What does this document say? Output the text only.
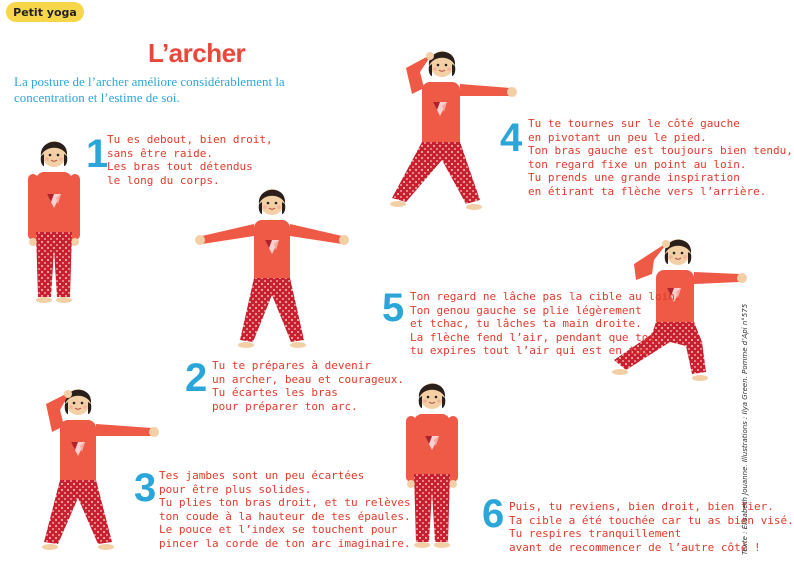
Petit yoga
L’archer
La posture de l’archer améliore considérablement la concentration et l’estime de soi.
1
2
3
4
5
6
Tu es debout, bien droit,
sans être raide.
Les bras tout détendus
le long du corps.
Tu te prépares à devenir
un archer, beau et courageux.
Tu écartes les bras
pour préparer ton arc.
Tes jambes sont un peu écartées
pour être plus solides.
Tu plies ton bras droit, et tu relèves
ton coude à la hauteur de tes épaules.
Le pouce et l’index se touchent pour
pincer la corde de ton arc imaginaire.
Tu te tournes sur le côté gauche
en pivotant un peu le pied.
Ton bras gauche est toujours bien tendu,
ton regard fixe un point au loin.
Tu prends une grande inspiration
en étirant ta flèche vers l’arrière.
Ton regard ne lâche pas la cible au loin.
Ton genou gauche se plie légèrement
et tchac, tu lâches ta main droite.
La flèche fend l’air, pendant que toi,
tu expires tout l’air qui est en toi.
Puis, tu reviens, bien droit, bien fier.
Ta cible a été touchée car tu as bien visé.
Tu respires tranquillement
avant de recommencer de l’autre côté !
Texte : Élisabeth Jouanne. Illustrations : Ilya Green. Pomme d’Api n°575
